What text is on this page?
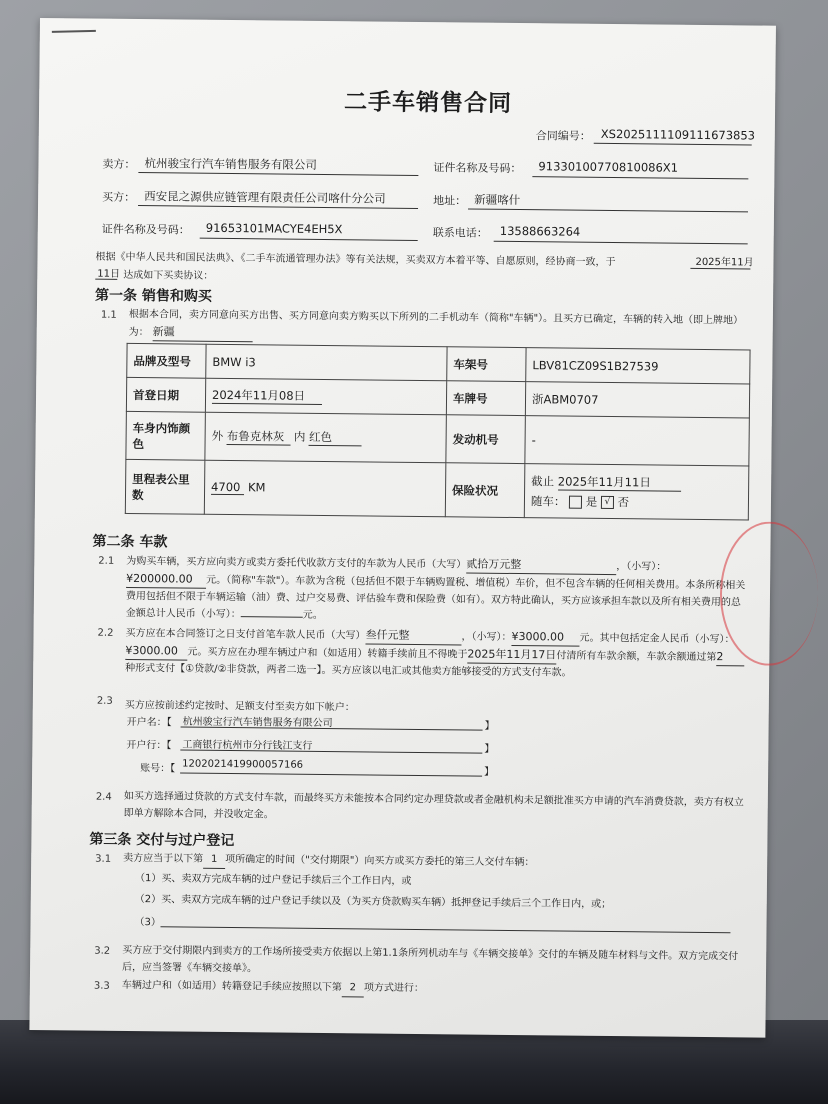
二手车销售合同
合同编号： XS2025111109111673853
卖方： 杭州骏宝行汽车销售服务有限公司	证件名称及号码： 91330100770810086X1
买方： 西安昆之源供应链管理有限责任公司喀什分公司	地址： 新疆喀什
证件名称及号码： 91653101MACYE4EH5X	联系电话： 13588663264
根据《中华人民共和国民法典》、《二手车流通管理办法》等有关法规，买卖双方本着平等、自愿原则，经协商一致，于	2025年11月
11日 达成如下买卖协议：
第一条 销售和购买
1.1 根据本合同，卖方同意向买方出售、买方同意向卖方购买以下所列的二手机动车（简称"车辆"）。且买方已确定，车辆的转入地（即上牌地）为： 新疆
品牌及型号	BMW i3	车架号	LBV81CZ09S1B27539
首登日期	2024年11月08日	车牌号	浙ABM0707
车身内饰颜色	外 布鲁克林灰 内 红色	发动机号	-
里程表公里数	4700 KM	保险状况	截止 2025年11月11日
随车： 是 √ 否
第二条 车款
2.1 为购买车辆，买方应向卖方或卖方委托代收款方支付的车款为人民币（大写）贰拾万元整	，（小写）：
¥200000.00 元。（简称"车款"）。车款为含税（包括但不限于车辆购置税、增值税）车价，但不包含车辆的任何相关费用。本条所称相关费用包括但不限于车辆运输（油）费、过户交易费、评估验车费和保险费（如有）。双方特此确认，买方应该承担车款以及所有相关费用的总金额总计人民币（小写）：	元。
2.2 买方应在本合同签订之日支付首笔车款人民币（大写）叁仟元整	，（小写）：¥3000.00 元。其中包括定金人民币（小写）：¥3000.00 元。买方应在办理车辆过户和（如适用）转籍手续前且不得晚于2025年11月17日付清所有车款余额，车款余额通过第2种形式支付【①贷款/②非贷款，两者二选一】。买方应该以电汇或其他卖方能够接受的方式支付车款。
2.3 买方应按前述约定按时、足额支付至卖方如下帐户：
开户名：【 杭州骏宝行汽车销售服务有限公司	】
开户行：【 工商银行杭州市分行钱江支行	】
账号：【 1202021419900057166
】
2.4 如买方选择通过贷款的方式支付车款，而最终买方未能按本合同约定办理贷款或者金融机构未足额批准买方申请的汽车消费贷款，卖方有权立即单方解除本合同，并没收定金。
第三条 交付与过户登记
3.1 卖方应当于以下第 1 项所确定的时间（"交付期限"）向买方或买方委托的第三人交付车辆：
（1）买、卖双方完成车辆的过户登记手续后三个工作日内，或
（2）买、卖双方完成车辆的过户登记手续以及（为买方贷款购买车辆）抵押登记手续后三个工作日内，或；
（3）
3.2 买方应于交付期限内到卖方的工作场所接受卖方依据以上第1.1条所列机动车与《车辆交接单》交付的车辆及随车材料与文件。双方完成交付后，应当签署《车辆交接单》。
3.3 车辆过户和（如适用）转籍登记手续应按照以下第 2 项方式进行：
